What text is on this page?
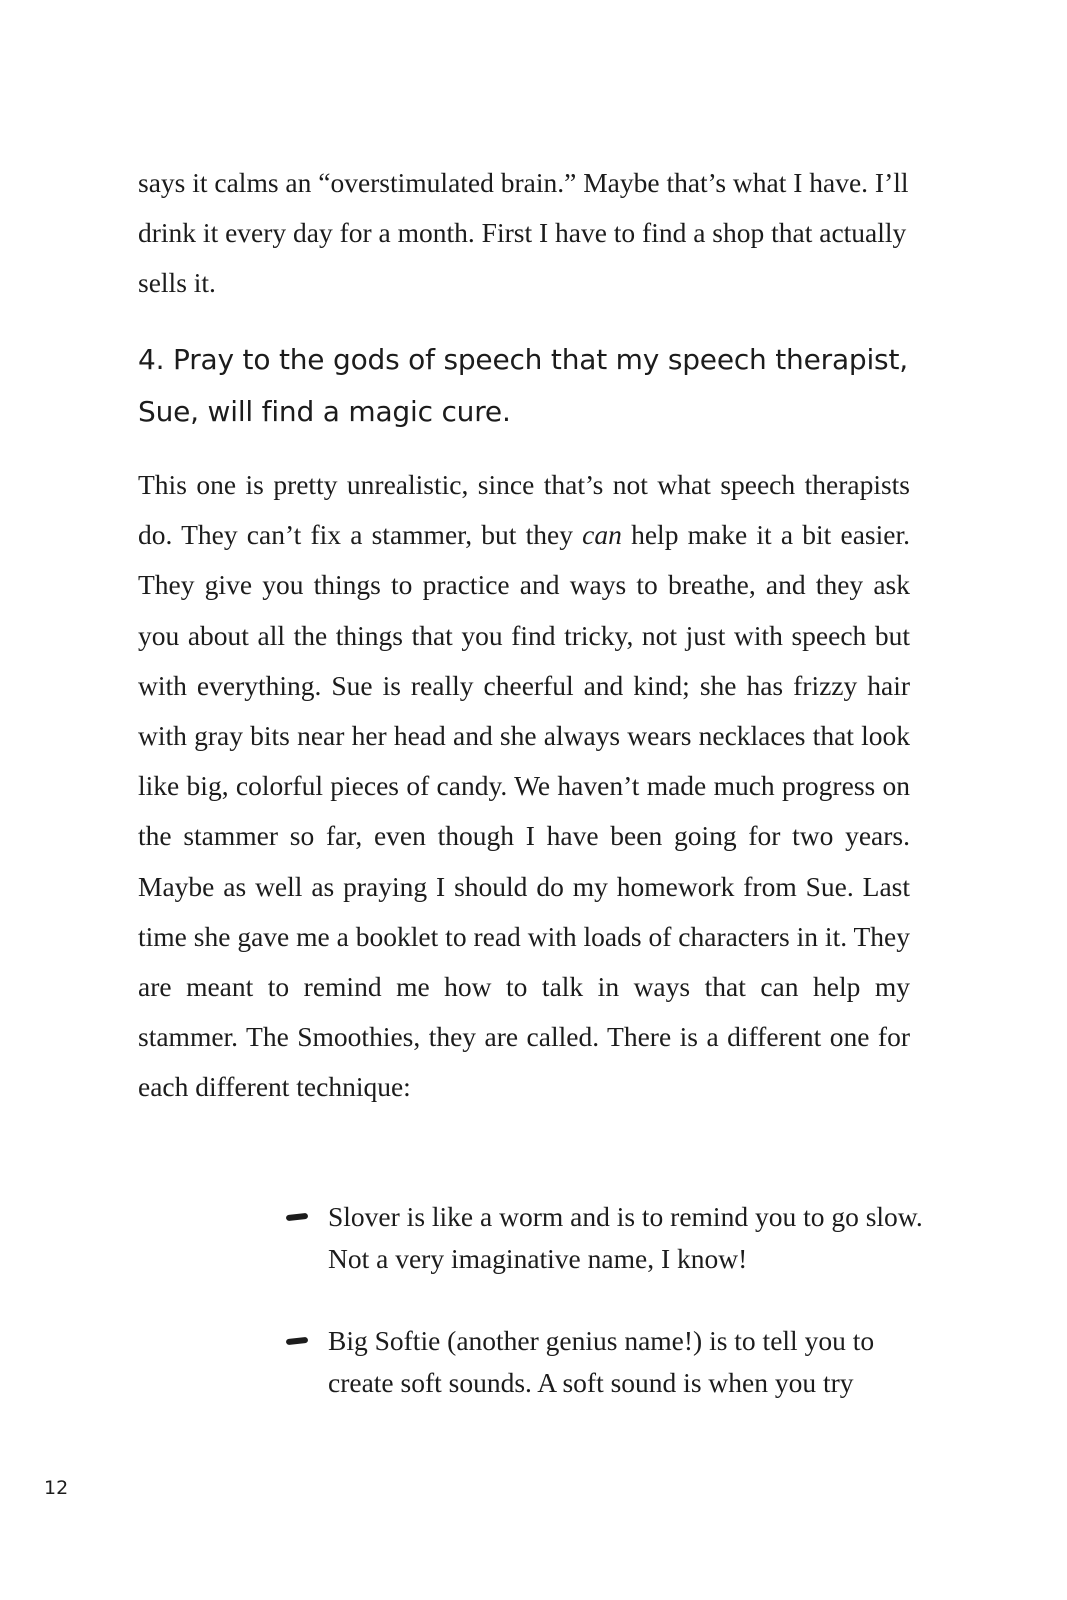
says it calms an “overstimulated brain.” Maybe that’s what I have. I’ll drink it every day for a month. First I have to find a shop that actually sells it.

4. Pray to the gods of speech that my speech therapist, Sue, will find a magic cure.

This one is pretty unrealistic, since that’s not what speech therapists do. They can’t fix a stammer, but they can help make it a bit easier. They give you things to practice and ways to breathe, and they ask you about all the things that you find tricky, not just with speech but with everything. Sue is really cheerful and kind; she has frizzy hair with gray bits near her head and she always wears necklaces that look like big, colorful pieces of candy. We haven’t made much progress on the stammer so far, even though I have been going for two years. Maybe as well as praying I should do my homework from Sue. Last time she gave me a booklet to read with loads of characters in it. They are meant to remind me how to talk in ways that can help my stammer. The Smoothies, they are called. There is a different one for each different technique:

Slover is like a worm and is to remind you to go slow. Not a very imaginative name, I know!
Big Softie (another genius name!) is to tell you to create soft sounds. A soft sound is when you try
12
